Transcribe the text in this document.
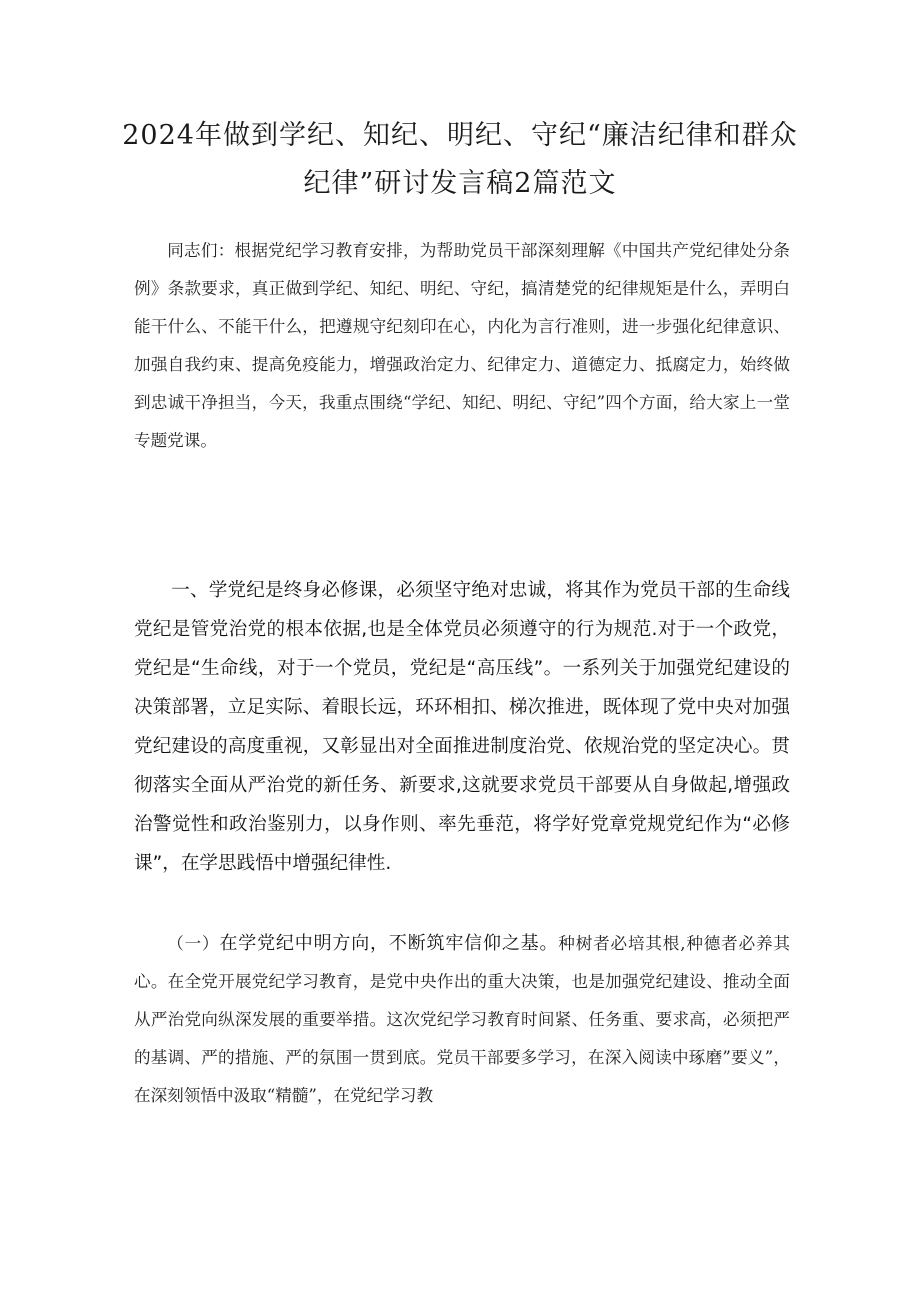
2024年做到学纪、知纪、明纪、守纪“廉洁纪律和群众纪律”研讨发言稿2篇范文

同志们：根据党纪学习教育安排，为帮助党员干部深刻理解《中国共产党纪律处分条例》条款要求，真正做到学纪、知纪、明纪、守纪，搞清楚党的纪律规矩是什么，弄明白能干什么、不能干什么，把遵规守纪刻印在心，内化为言行准则，进一步强化纪律意识、加强自我约束、提高免疫能力，增强政治定力、纪律定力、道德定力、抵腐定力，始终做到忠诚干净担当，今天，我重点围绕“学纪、知纪、明纪、守纪”四个方面，给大家上一堂专题党课。

一、学党纪是终身必修课，必须坚守绝对忠诚，将其作为党员干部的生命线党纪是管党治党的根本依据,也是全体党员必须遵守的行为规范.对于一个政党，党纪是“生命线，对于一个党员，党纪是“高压线”。一系列关于加强党纪建设的决策部署，立足实际、着眼长远，环环相扣、梯次推进，既体现了党中央对加强党纪建设的高度重视，又彰显出对全面推进制度治党、依规治党的坚定决心。贯彻落实全面从严治党的新任务、新要求,这就要求党员干部要从自身做起,增强政治警觉性和政治鉴别力，以身作则、率先垂范，将学好党章党规党纪作为“必修课”，在学思践悟中增强纪律性.

（一）在学党纪中明方向，不断筑牢信仰之基。种树者必培其根,种德者必养其心。在全党开展党纪学习教育，是党中央作出的重大决策，也是加强党纪建设、推动全面从严治党向纵深发展的重要举措。这次党纪学习教育时间紧、任务重、要求高，必须把严的基调、严的措施、严的氛围一贯到底。党员干部要多学习，在深入阅读中琢磨”要义”，在深刻领悟中汲取“精髓”，在党纪学习教
